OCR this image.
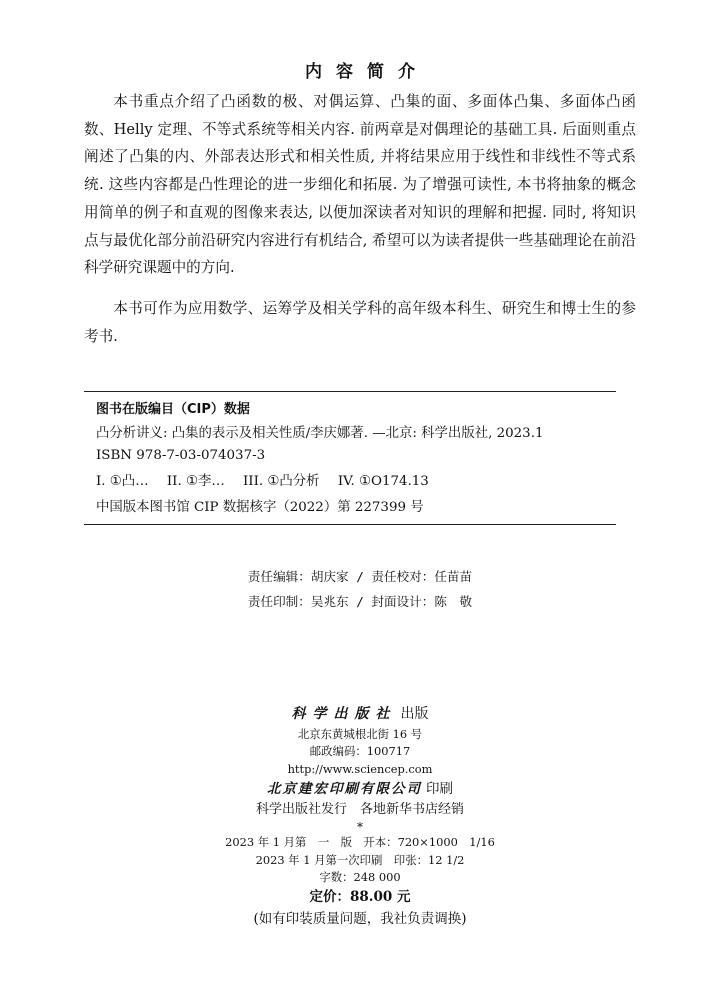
内容简介

本书重点介绍了凸函数的极、对偶运算、凸集的面、多面体凸集、多面体凸函数、Helly 定理、不等式系统等相关内容. 前两章是对偶理论的基础工具. 后面则重点阐述了凸集的内、外部表达形式和相关性质, 并将结果应用于线性和非线性不等式系统. 这些内容都是凸性理论的进一步细化和拓展. 为了增强可读性, 本书将抽象的概念用简单的例子和直观的图像来表达, 以便加深读者对知识的理解和把握. 同时, 将知识点与最优化部分前沿研究内容进行有机结合, 希望可以为读者提供一些基础理论在前沿科学研究课题中的方向.

本书可作为应用数学、运筹学及相关学科的高年级本科生、研究生和博士生的参考书.

图书在版编目（CIP）数据
凸分析讲义: 凸集的表示及相关性质/李庆娜著. —北京: 科学出版社, 2023.1
ISBN 978-7-03-074037-3
I. ①凸… II. ①李… III. ①凸分析 IV. ①O174.13
中国版本图书馆 CIP 数据核字（2022）第 227399 号
责任编辑：胡庆家 / 责任校对：任苗苗
责任印制：吴兆东 / 封面设计：陈　敬
科学出版社 出版
北京东黄城根北街 16 号
邮政编码：100717
http://www.sciencep.com
北京建宏印刷有限公司 印刷
科学出版社发行　各地新华书店经销
*
2023 年 1 月第　一　版　开本：720×1000　1/16
2023 年 1 月第一次印刷　印张：12 1/2
字数：248 000
定价：88.00 元
(如有印装质量问题，我社负责调换)
